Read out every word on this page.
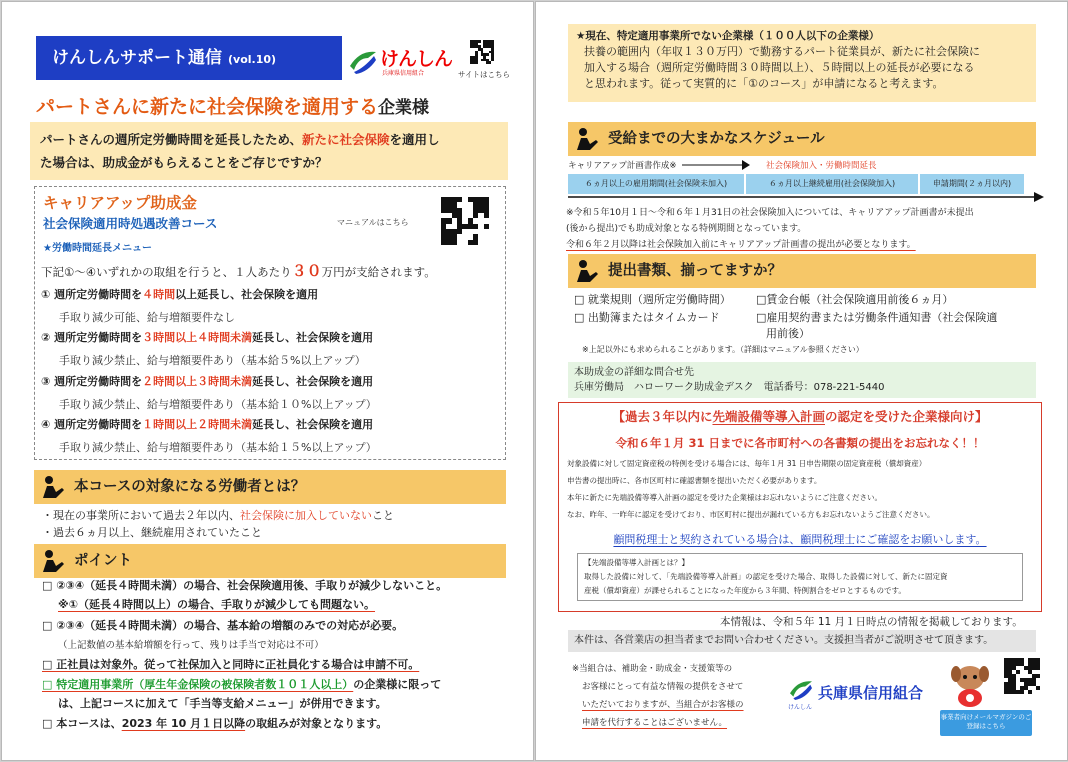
けんしんサポート通信 (vol.10)	けんしん
兵庫県信用組合	サイトはこちら
パートさんに新たに社会保険を適用する企業様
パートさんの週所定労働時間を延長したため、新たに社会保険を適用し
た場合は、助成金がもらえることをご存じですか？
キャリアアップ助成金
社会保険適用時処遇改善コース	マニュアルはこちら
★労働時間延長メニュー
下記①～④いずれかの取組を行うと、１人あたり３０万円が支給されます。
① 週所定労働時間を４時間以上延長し、社会保険を適用
手取り減少可能、給与増額要件なし
② 週所定労働時間を３時間以上４時間未満延長し、社会保険を適用
手取り減少禁止、給与増額要件あり（基本給５%以上アップ）
③ 週所定労働時間を２時間以上３時間未満延長し、社会保険を適用
手取り減少禁止、給与増額要件あり（基本給１０%以上アップ）
④ 週所定労働時間を１時間以上２時間未満延長し、社会保険を適用
手取り減少禁止、給与増額要件あり（基本給１５%以上アップ）
本コースの対象になる労働者とは？
・現在の事業所において過去２年以内、社会保険に加入していないこと
・過去６ヵ月以上、継続雇用されていたこと
ポイント
□ ②③④（延長４時間未満）の場合、社会保険適用後、手取りが減少しないこと。
※①（延長４時間以上）の場合、手取りが減少しても問題ない。
□ ②③④（延長４時間未満）の場合、基本給の増額のみでの対応が必要。
（上記数値の基本給増額を行って、残りは手当で対応は不可）
□ 正社員は対象外。従って社保加入と同時に正社員化する場合は申請不可。
□ 特定適用事業所（厚生年金保険の被保険者数１０１人以上）の企業様に限って
は、上記コースに加えて「手当等支給メニュー」が併用できます。
□ 本コースは、2023 年 10 月１日以降の取組みが対象となります。
★現在、特定適用事業所でない企業様（１００人以下の企業様）
扶養の範囲内（年収１３０万円）で勤務するパート従業員が、新たに社会保険に
加入する場合（週所定労働時間３０時間以上）、５時間以上の延長が必要になる
と思われます。従って実質的に「①のコース」が申請になると考えます。
受給までの大まかなスケジュール
キャリアアップ計画書作成※	社会保険加入・労働時間延長
６ヵ月以上の雇用期間(社会保険未加入)	６ヵ月以上継続雇用(社会保険加入)	申請期間(２ヵ月以内)
※令和５年10月１日～令和６年１月31日の社会保険加入については、キャリアアップ計画書が未提出
(後から提出)でも助成対象となる特例期間となっています。
令和６年２月以降は社会保険加入前にキャリアアップ計画書の提出が必要となります。
提出書類、揃ってますか？
□ 就業規則（週所定労働時間） □賃金台帳（社会保険適用前後６ヵ月）
□ 出勤簿またはタイムカード	□雇用契約書または労働条件通知書（社会保険適
用前後）
※上記以外にも求められることがあります。（詳細はマニュアル参照ください）
本助成金の詳細な問合せ先
兵庫労働局　ハローワーク助成金デスク　電話番号：078-221-5440
【過去３年以内に先端設備等導入計画の認定を受けた企業様向け】
令和６年１月 31 日までに各市町村への各書類の提出をお忘れなく！！
対象設備に対して固定資産税の特例を受ける場合には、毎年１月 31 日申告期限の固定資産税（償却資産）
申告書の提出時に、各市区町村に確認書類を提出いただく必要があります。
本年に新たに先端設備等導入計画の認定を受けた企業様はお忘れないようにご注意ください。
なお、昨年、一昨年に認定を受けており、市区町村に提出が漏れている方もお忘れないようご注意ください。
顧問税理士と契約されている場合は、顧問税理士にご確認をお願いします。
【先端設備等導入計画とは？】
取得した設備に対して、「先端設備等導入計画」の認定を受けた場合、取得した設備に対して、新たに固定資
産税（償却資産）が課せられることになった年度から３年間、特例割合をゼロとするものです。
本情報は、令和５年 11 月１日時点の情報を掲載しております。
本件は、各営業店の担当者までお問い合わせください。支援担当者がご説明させて頂きます。
※当組合は、補助金・助成金・支援策等の
お客様にとって有益な情報の提供をさせて
いただいておりますが、当組合がお客様の
申請を代行することはございません。
けんしん
兵庫県信用組合
事業者向けメールマガジンのご登録はこちら
